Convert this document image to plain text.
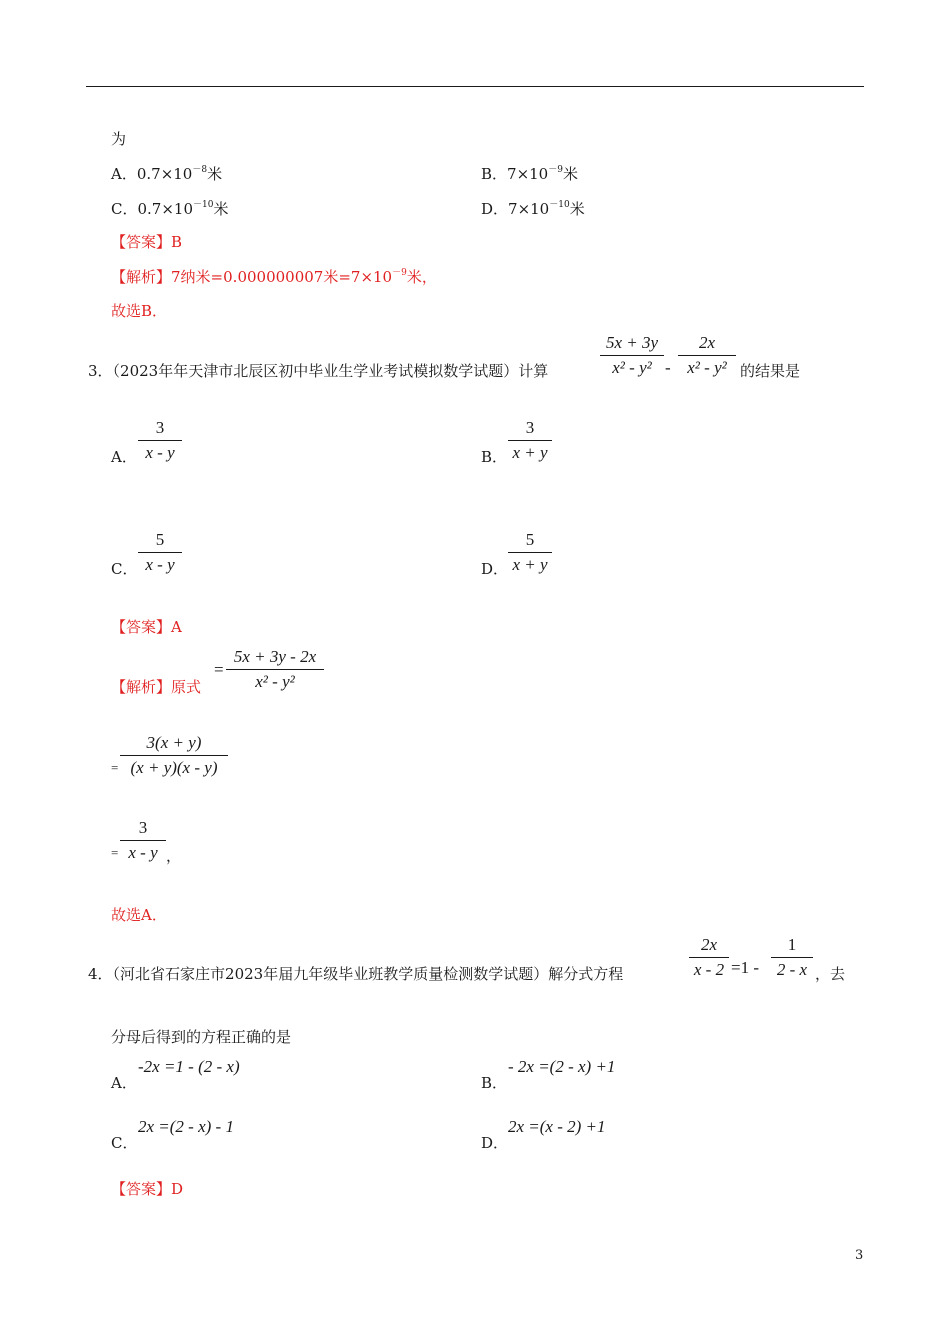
为
A．$0.7\times 10^{-8}$米	B．$7\times 10^{-9}$米
C．$0.7\times 10^{-10}$米	D．$7\times 10^{-10}$米
【答案】B
【解析】7纳米=0.000000007米$=7\times 10^{-9}$米，
故选B．
3．（2023年年天津市北辰区初中毕业生学业考试模拟数学试题）计算
5x + 3y
x² - y² -
2x
x² - y² 的结果是
A．
3
x - y	B．
3
x + y
C．
5
x - y	D．
5
x + y
【答案】A
【解析】原式
=
5x + 3y - 2x
x² - y²
=
3(x + y)
(x + y)(x - y)
=
3
x - y ，
故选A．
4．（河北省石家庄市2023年届九年级毕业班教学质量检测数学试题）解分式方程
2x
x - 2 =1 -
1
2 - x ，去
分母后得到的方程正确的是
A．
-2x =1 - (2 - x)
B．
- 2x =(2 - x) +1
C．
2x =(2 - x) - 1
D．
2x =(x - 2) +1
【答案】D
3
